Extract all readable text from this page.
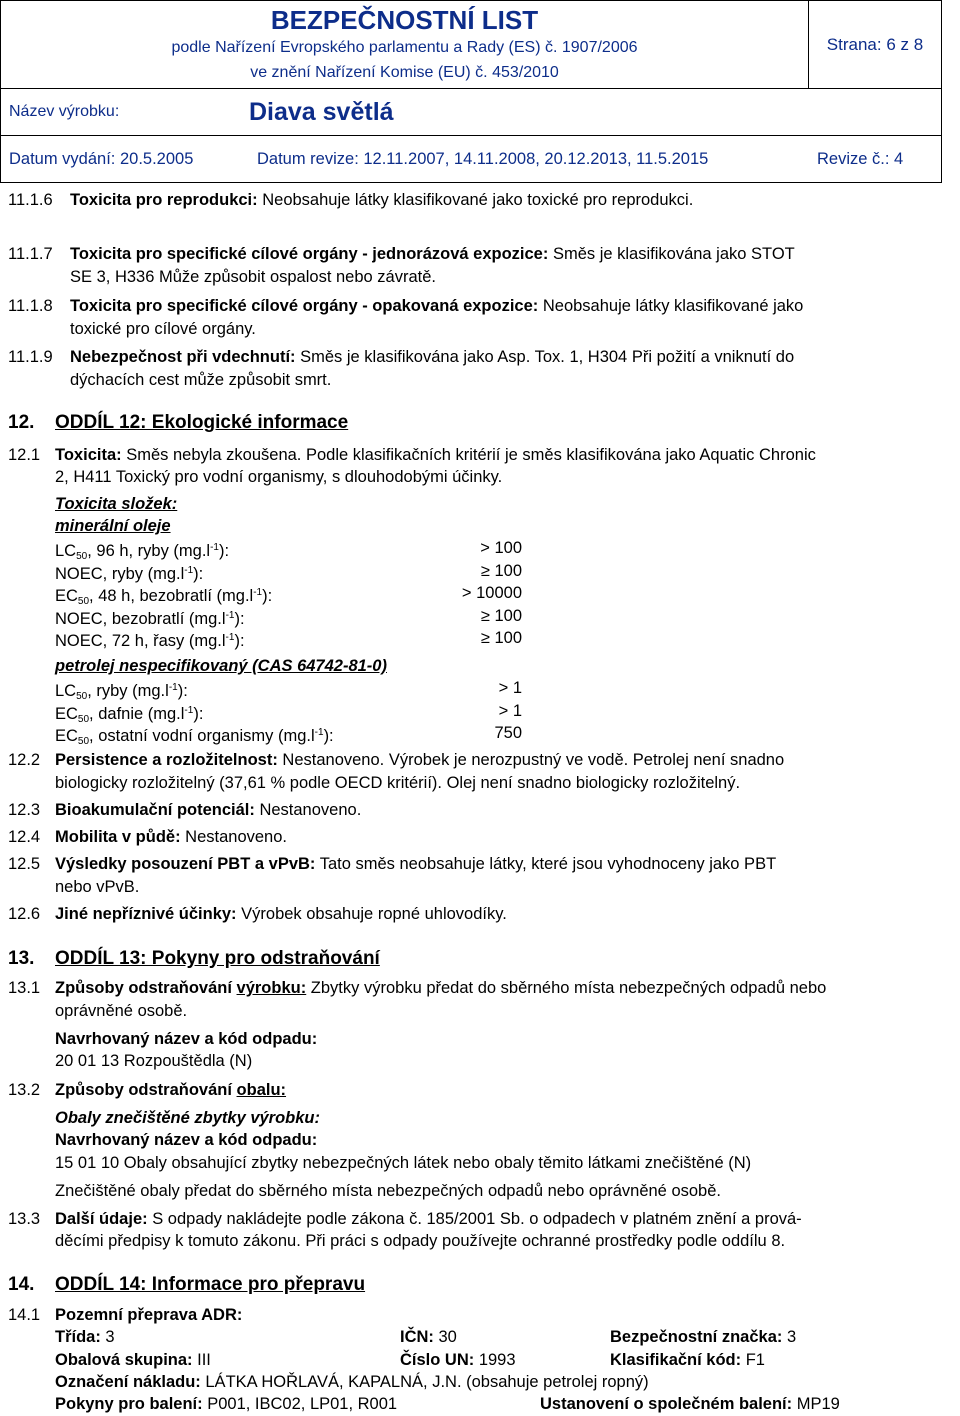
BEZPEČNOSTNÍ LIST
podle Nařízení Evropského parlamentu a Rady (ES) č. 1907/2006
ve znění Nařízení Komise (EU) č. 453/2010
Strana: 6 z 8
Název výrobku:	Diava světlá
Datum vydání: 20.5.2005	Datum revize: 12.11.2007, 14.11.2008, 20.12.2013, 11.5.2015	Revize č.: 4
11.1.6 Toxicita pro reprodukci: Neobsahuje látky klasifikované jako toxické pro reprodukci.
11.1.7 Toxicita pro specifické cílové orgány - jednorázová expozice: Směs je klasifikována jako STOT
SE 3, H336 Může způsobit ospalost nebo závratě.
11.1.8 Toxicita pro specifické cílové orgány - opakovaná expozice: Neobsahuje látky klasifikované jako
toxické pro cílové orgány.
11.1.9 Nebezpečnost při vdechnutí: Směs je klasifikována jako Asp. Tox. 1, H304 Při požití a vniknutí do
dýchacích cest může způsobit smrt.
12. ODDÍL 12: Ekologické informace
12.1 Toxicita: Směs nebyla zkoušena. Podle klasifikačních kritérií je směs klasifikována jako Aquatic Chronic
2, H411 Toxický pro vodní organismy, s dlouhodobými účinky.
Toxicita složek:
minerální oleje
$LC_{50}$, 96 h, ryby $(mg.l^{-1})$:	> 100
NOEC, ryby $(mg.l^{-1})$:	≥ 100
$EC_{50}$, 48 h, bezobratlí $(mg.l^{-1})$:	> 10000
NOEC, bezobratlí $(mg.l^{-1})$:	≥ 100
NOEC, 72 h, řasy $(mg.l^{-1})$:	≥ 100
petrolej nespecifikovaný (CAS 64742-81-0)
$LC_{50}$, ryby $(mg.l^{-1})$:	> 1
$EC_{50}$, dafnie $(mg.l^{-1})$:	> 1
$EC_{50}$, ostatní vodní organismy $(mg.l^{-1})$:	750
12.2 Persistence a rozložitelnost: Nestanoveno. Výrobek je nerozpustný ve vodě. Petrolej není snadno
biologicky rozložitelný (37,61 % podle OECD kritérií). Olej není snadno biologicky rozložitelný.
12.3 Bioakumulační potenciál: Nestanoveno.
12.4 Mobilita v půdě: Nestanoveno.
12.5 Výsledky posouzení PBT a vPvB: Tato směs neobsahuje látky, které jsou vyhodnoceny jako PBT
nebo vPvB.
12.6 Jiné nepříznivé účinky: Výrobek obsahuje ropné uhlovodíky.
13. ODDÍL 13: Pokyny pro odstraňování
13.1 Způsoby odstraňování výrobku: Zbytky výrobku předat do sběrného místa nebezpečných odpadů nebo
oprávněné osobě.
Navrhovaný název a kód odpadu:
20 01 13 Rozpouštědla (N)
13.2 Způsoby odstraňování obalu:
Obaly znečištěné zbytky výrobku:
Navrhovaný název a kód odpadu:
15 01 10 Obaly obsahující zbytky nebezpečných látek nebo obaly těmito látkami znečištěné (N)
Znečištěné obaly předat do sběrného místa nebezpečných odpadů nebo oprávněné osobě.
13.3 Další údaje: S odpady nakládejte podle zákona č. 185/2001 Sb. o odpadech v platném znění a prová-
děcími předpisy k tomuto zákonu. Při práci s odpady používejte ochranné prostředky podle oddílu 8.
14. ODDÍL 14: Informace pro přepravu
14.1 Pozemní přeprava ADR:
Třída: 3	IČN: 30	Bezpečnostní značka: 3
Obalová skupina: III	Číslo UN: 1993	Klasifikační kód: F1
Označení nákladu: LÁTKA HOŘLAVÁ, KAPALNÁ, J.N. (obsahuje petrolej ropný)
Pokyny pro balení: P001, IBC02, LP01, R001	Ustanovení o společném balení: MP19
